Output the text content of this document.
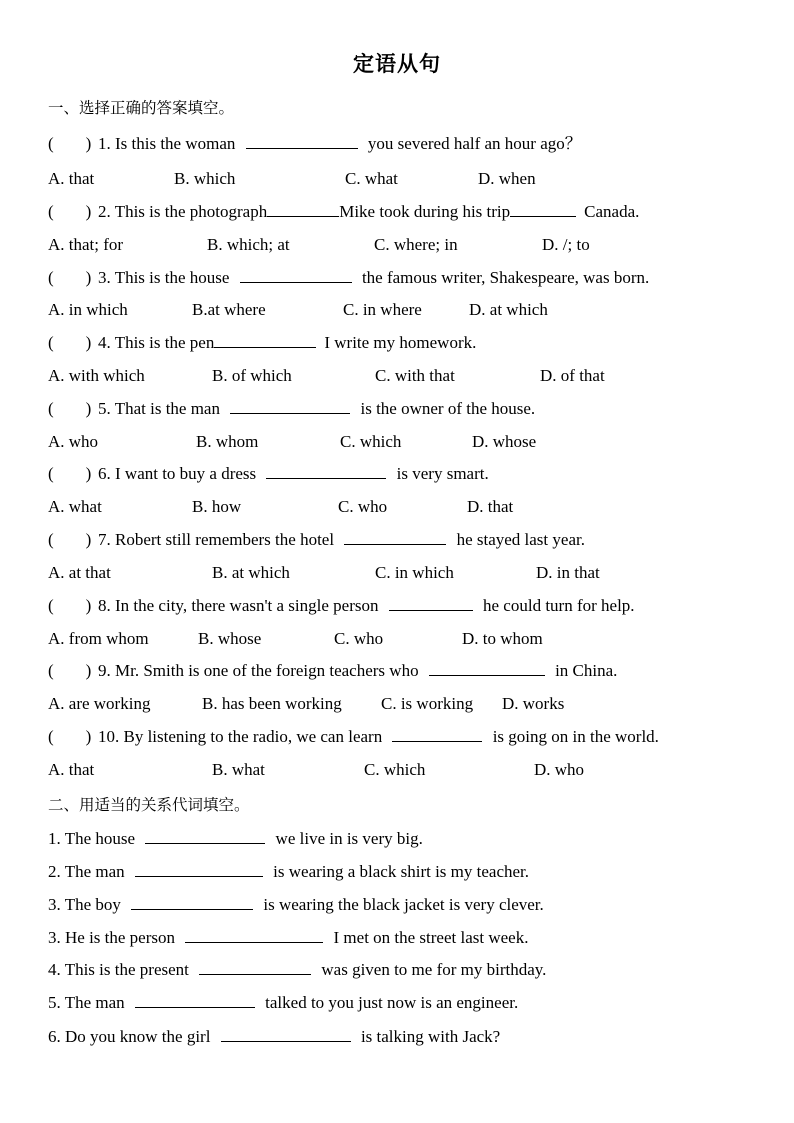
定语从句
一、选择正确的答案填空。
( ) 1. Is this the woman	you severed half an hour ago？
A. that	B. which	C. what	D. when
( ) 2. This is the photograph	Mike took during his trip	Canada.
A. that; for	B. which; at	C. where; in	D. /; to
( ) 3. This is the house	the famous writer, Shakespeare, was born.
A. in which	B.at where	C. in where	D. at which
( ) 4. This is the pen	I write my homework.
A. with which	B. of which	C. with that	D. of that
( ) 5. That is the man	is the owner of the house.
A. who	B. whom	C. which	D. whose
( ) 6. I want to buy a dress	is very smart.
A. what	B. how	C. who	D. that
( ) 7. Robert still remembers the hotel	he stayed last year.
A. at that	B. at which	C. in which	D. in that
( ) 8. In the city, there wasn't a single person	he could turn for help.
A. from whom	B. whose	C. who	D. to whom
( ) 9. Mr. Smith is one of the foreign teachers who	in China.
A. are working	B. has been working C. is working D. works
( ) 10. By listening to the radio, we can learn	is going on in the world.
A. that	B. what	C. which	D. who
二、用适当的关系代词填空。
1. The house	we live in is very big.
2. The man	is wearing a black shirt is my teacher.
3. The boy	is wearing the black jacket is very clever.
3. He is the person	I met on the street last week.
4. This is the present	was given to me for my birthday.
5. The man	talked to you just now is an engineer.
6. Do you know the girl	is talking with Jack?
